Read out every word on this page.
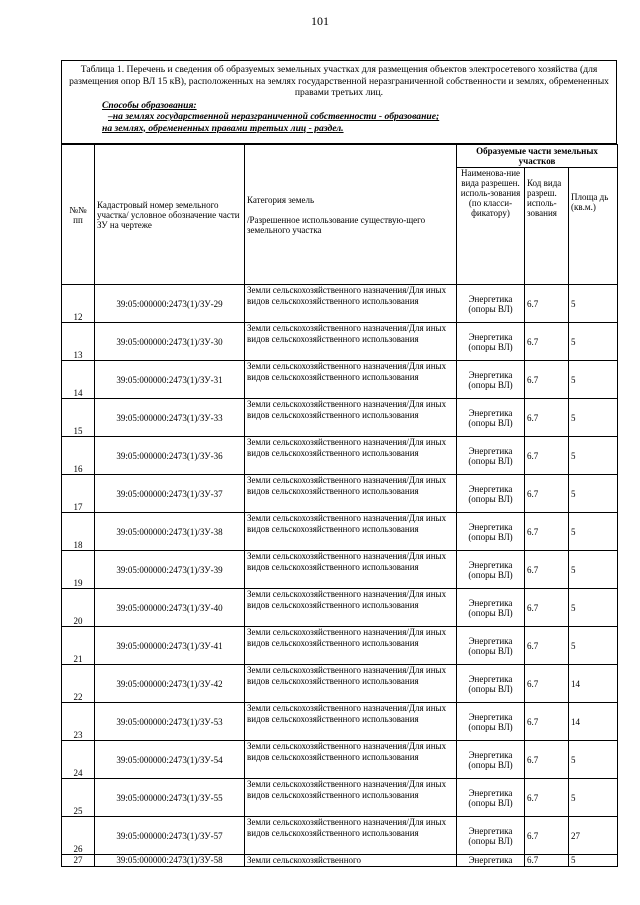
101
Таблица 1. Перечень и сведения об образуемых земельных участках для размещения объектов электросетевого хозяйства (для размещения опор ВЛ 15 кВ), расположенных на землях государственной неразграниченной собственности и землях, обремененных правами третьих лиц.
Способы образования:
–на землях государственной неразграниченной собственности - образование;
на землях, обремененных правами третьих лиц - раздел.
№№ пп	Кадастровый номер земельного участка/ условное обозначение части ЗУ на чертеже	Категория земель

/Разрешенное использование существую-щего земельного участка	Образуемые части земельных участков		
			Наименова-ние вида разрешен. исполь-зования (по класси-фикатору)	Код вида разреш. исполь-зования	Площа дь (кв.м.)
12	39:05:000000:2473(1)/ЗУ-29	Земли сельскохозяйственного назначения/Для иных видов сельскохозяйственного использования	Энергетика (опоры ВЛ)	6.7	5
13	39:05:000000:2473(1)/ЗУ-30	Земли сельскохозяйственного назначения/Для иных видов сельскохозяйственного использования	Энергетика (опоры ВЛ)	6.7	5
14	39:05:000000:2473(1)/ЗУ-31	Земли сельскохозяйственного назначения/Для иных видов сельскохозяйственного использования	Энергетика (опоры ВЛ)	6.7	5
15	39:05:000000:2473(1)/ЗУ-33	Земли сельскохозяйственного назначения/Для иных видов сельскохозяйственного использования	Энергетика (опоры ВЛ)	6.7	5
16	39:05:000000:2473(1)/ЗУ-36	Земли сельскохозяйственного назначения/Для иных видов сельскохозяйственного использования	Энергетика (опоры ВЛ)	6.7	5
17	39:05:000000:2473(1)/ЗУ-37	Земли сельскохозяйственного назначения/Для иных видов сельскохозяйственного использования	Энергетика (опоры ВЛ)	6.7	5
18	39:05:000000:2473(1)/ЗУ-38	Земли сельскохозяйственного назначения/Для иных видов сельскохозяйственного использования	Энергетика (опоры ВЛ)	6.7	5
19	39:05:000000:2473(1)/ЗУ-39	Земли сельскохозяйственного назначения/Для иных видов сельскохозяйственного использования	Энергетика (опоры ВЛ)	6.7	5
20	39:05:000000:2473(1)/ЗУ-40	Земли сельскохозяйственного назначения/Для иных видов сельскохозяйственного использования	Энергетика (опоры ВЛ)	6.7	5
21	39:05:000000:2473(1)/ЗУ-41	Земли сельскохозяйственного назначения/Для иных видов сельскохозяйственного использования	Энергетика (опоры ВЛ)	6.7	5
22	39:05:000000:2473(1)/ЗУ-42	Земли сельскохозяйственного назначения/Для иных видов сельскохозяйственного использования	Энергетика (опоры ВЛ)	6.7	14
23	39:05:000000:2473(1)/ЗУ-53	Земли сельскохозяйственного назначения/Для иных видов сельскохозяйственного использования	Энергетика (опоры ВЛ)	6.7	14
24	39:05:000000:2473(1)/ЗУ-54	Земли сельскохозяйственного назначения/Для иных видов сельскохозяйственного использования	Энергетика (опоры ВЛ)	6.7	5
25	39:05:000000:2473(1)/ЗУ-55	Земли сельскохозяйственного назначения/Для иных видов сельскохозяйственного использования	Энергетика (опоры ВЛ)	6.7	5
26	39:05:000000:2473(1)/ЗУ-57	Земли сельскохозяйственного назначения/Для иных видов сельскохозяйственного использования	Энергетика (опоры ВЛ)	6.7	27
27	39:05:000000:2473(1)/ЗУ-58	Земли сельскохозяйственного	Энергетика	6.7	5
